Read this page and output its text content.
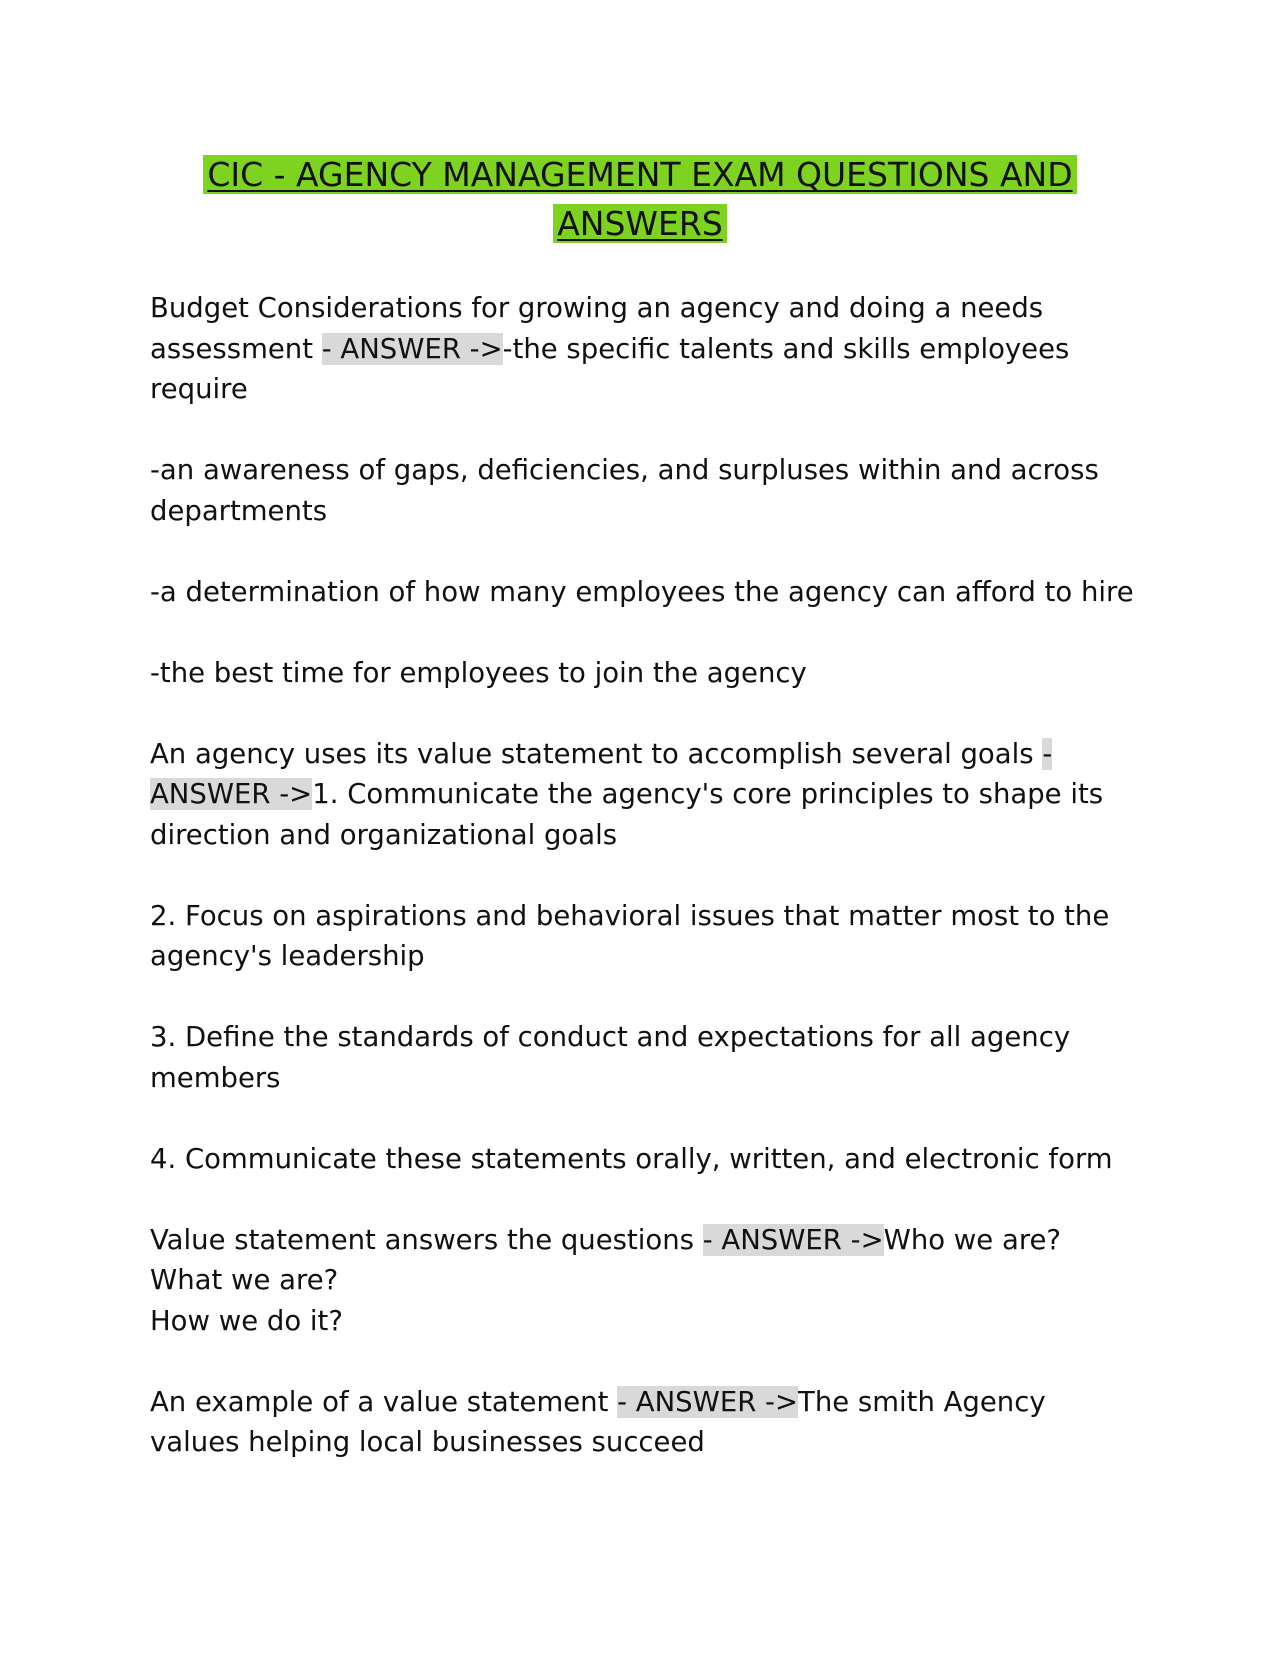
CIC - AGENCY MANAGEMENT EXAM QUESTIONS AND ANSWERS

Budget Considerations for growing an agency and doing a needs assessment - ANSWER ->-the specific talents and skills employees require

-an awareness of gaps, deficiencies, and surpluses within and across departments

-a determination of how many employees the agency can afford to hire

-the best time for employees to join the agency

An agency uses its value statement to accomplish several goals - ANSWER ->1. Communicate the agency's core principles to shape its direction and organizational goals

2. Focus on aspirations and behavioral issues that matter most to the agency's leadership

3. Define the standards of conduct and expectations for all agency members

4. Communicate these statements orally, written, and electronic form

Value statement answers the questions - ANSWER ->Who we are?
What we are?
How we do it?

An example of a value statement - ANSWER ->The smith Agency values helping local businesses succeed
